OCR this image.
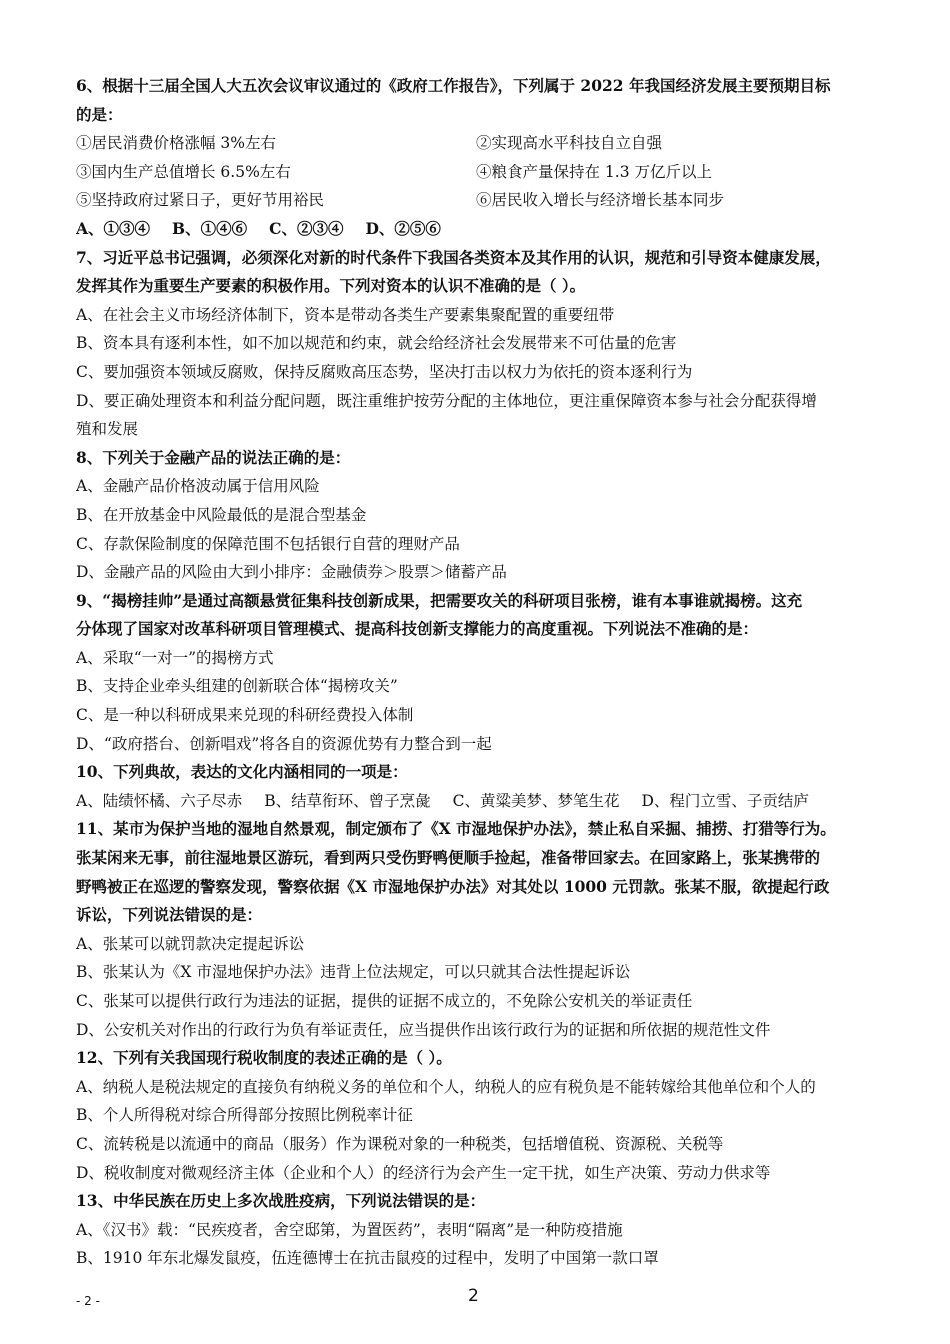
6、根据十三届全国人大五次会议审议通过的《政府工作报告》，下列属于 2022 年我国经济发展主要预期目标
的是：
①居民消费价格涨幅 3%左右	②实现高水平科技自立自强
③国内生产总值增长 6.5%左右	④粮食产量保持在 1.3 万亿斤以上
⑤坚持政府过紧日子，更好节用裕民	⑥居民收入增长与经济增长基本同步
A、①③④ B、①④⑥ C、②③④ D、②⑤⑥
7、习近平总书记强调，必须深化对新的时代条件下我国各类资本及其作用的认识，规范和引导资本健康发展，
发挥其作为重要生产要素的积极作用。下列对资本的认识不准确的是（ ）。
A、在社会主义市场经济体制下，资本是带动各类生产要素集聚配置的重要纽带
B、资本具有逐利本性，如不加以规范和约束，就会给经济社会发展带来不可估量的危害
C、要加强资本领域反腐败，保持反腐败高压态势，坚决打击以权力为依托的资本逐利行为
D、要正确处理资本和利益分配问题，既注重维护按劳分配的主体地位，更注重保障资本参与社会分配获得增
殖和发展
8、下列关于金融产品的说法正确的是：
A、金融产品价格波动属于信用风险
B、在开放基金中风险最低的是混合型基金
C、存款保险制度的保障范围不包括银行自营的理财产品
D、金融产品的风险由大到小排序：金融债券＞股票＞储蓄产品
9、“揭榜挂帅”是通过高额悬赏征集科技创新成果，把需要攻关的科研项目张榜，谁有本事谁就揭榜。这充
分体现了国家对改革科研项目管理模式、提高科技创新支撑能力的高度重视。下列说法不准确的是：
A、采取“一对一”的揭榜方式
B、支持企业牵头组建的创新联合体“揭榜攻关”
C、是一种以科研成果来兑现的科研经费投入体制
D、“政府搭台、创新唱戏”将各自的资源优势有力整合到一起
10、下列典故，表达的文化内涵相同的一项是：
A、陆绩怀橘、六子尽赤 B、结草衔环、曾子烹彘 C、黄粱美梦、梦笔生花 D、程门立雪、子贡结庐
11、某市为保护当地的湿地自然景观，制定颁布了《X 市湿地保护办法》，禁止私自采掘、捕捞、打猎等行为。
张某闲来无事，前往湿地景区游玩，看到两只受伤野鸭便顺手捡起，准备带回家去。在回家路上，张某携带的
野鸭被正在巡逻的警察发现，警察依据《X 市湿地保护办法》对其处以 1000 元罚款。张某不服，欲提起行政
诉讼，下列说法错误的是：
A、张某可以就罚款决定提起诉讼
B、张某认为《X 市湿地保护办法》违背上位法规定，可以只就其合法性提起诉讼
C、张某可以提供行政行为违法的证据，提供的证据不成立的，不免除公安机关的举证责任
D、公安机关对作出的行政行为负有举证责任，应当提供作出该行政行为的证据和所依据的规范性文件
12、下列有关我国现行税收制度的表述正确的是（ ）。
A、纳税人是税法规定的直接负有纳税义务的单位和个人，纳税人的应有税负是不能转嫁给其他单位和个人的
B、个人所得税对综合所得部分按照比例税率计征
C、流转税是以流通中的商品（服务）作为课税对象的一种税类，包括增值税、资源税、关税等
D、税收制度对微观经济主体（企业和个人）的经济行为会产生一定干扰，如生产决策、劳动力供求等
13、中华民族在历史上多次战胜疫病，下列说法错误的是：
A、《汉书》载：“民疾疫者，舍空邸第，为置医药”，表明“隔离”是一种防疫措施
B、1910 年东北爆发鼠疫，伍连德博士在抗击鼠疫的过程中，发明了中国第一款口罩
- 2 -	2
